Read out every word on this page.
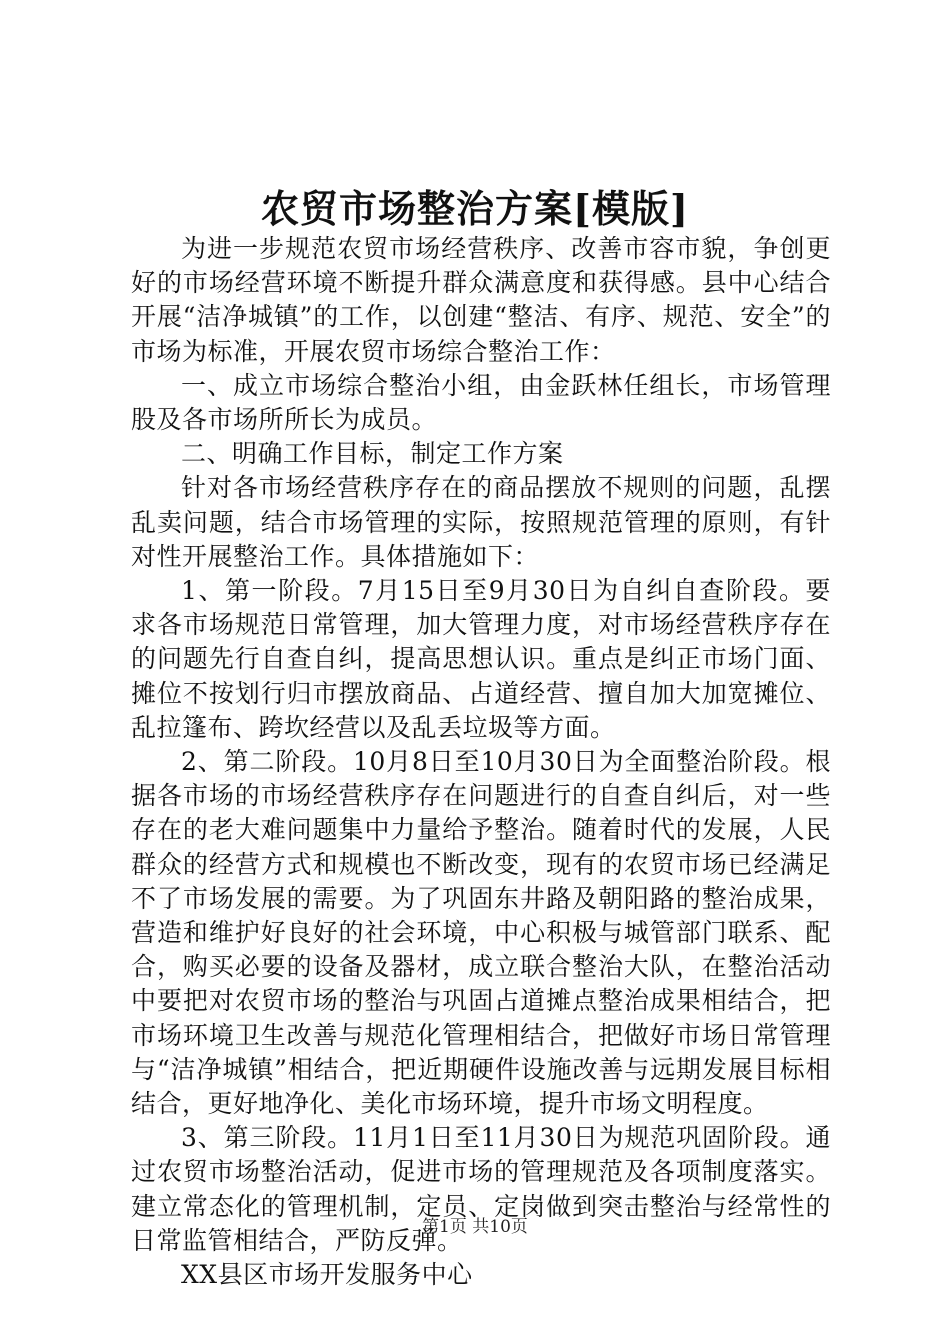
农贸市场整治方案[模版]

为进一步规范农贸市场经营秩序、改善市容市貌，争创更好的市场经营环境不断提升群众满意度和获得感。县中心结合开展“洁净城镇”的工作，以创建“整洁、有序、规范、安全”的市场为标准，开展农贸市场综合整治工作：

一、成立市场综合整治小组，由金跃林任组长，市场管理股及各市场所所长为成员。

二、明确工作目标，制定工作方案

针对各市场经营秩序存在的商品摆放不规则的问题，乱摆乱卖问题，结合市场管理的实际，按照规范管理的原则，有针对性开展整治工作。具体措施如下：

1、第一阶段。7月15日至9月30日为自纠自查阶段。要求各市场规范日常管理，加大管理力度，对市场经营秩序存在的问题先行自查自纠，提高思想认识。重点是纠正市场门面、摊位不按划行归市摆放商品、占道经营、擅自加大加宽摊位、乱拉篷布、跨坎经营以及乱丢垃圾等方面。

2、第二阶段。10月8日至10月30日为全面整治阶段。根据各市场的市场经营秩序存在问题进行的自查自纠后，对一些存在的老大难问题集中力量给予整治。随着时代的发展，人民群众的经营方式和规模也不断改变，现有的农贸市场已经满足不了市场发展的需要。为了巩固东井路及朝阳路的整治成果，营造和维护好良好的社会环境，中心积极与城管部门联系、配合，购买必要的设备及器材，成立联合整治大队，在整治活动中要把对农贸市场的整治与巩固占道摊点整治成果相结合，把市场环境卫生改善与规范化管理相结合，把做好市场日常管理与“洁净城镇”相结合，把近期硬件设施改善与远期发展目标相结合，更好地净化、美化市场环境，提升市场文明程度。

3、第三阶段。11月1日至11月30日为规范巩固阶段。通过农贸市场整治活动，促进市场的管理规范及各项制度落实。建立常态化的管理机制，定员、定岗做到突击整治与经常性的日常监管相结合，严防反弹。

XX县区市场开发服务中心

第1页 共10页
